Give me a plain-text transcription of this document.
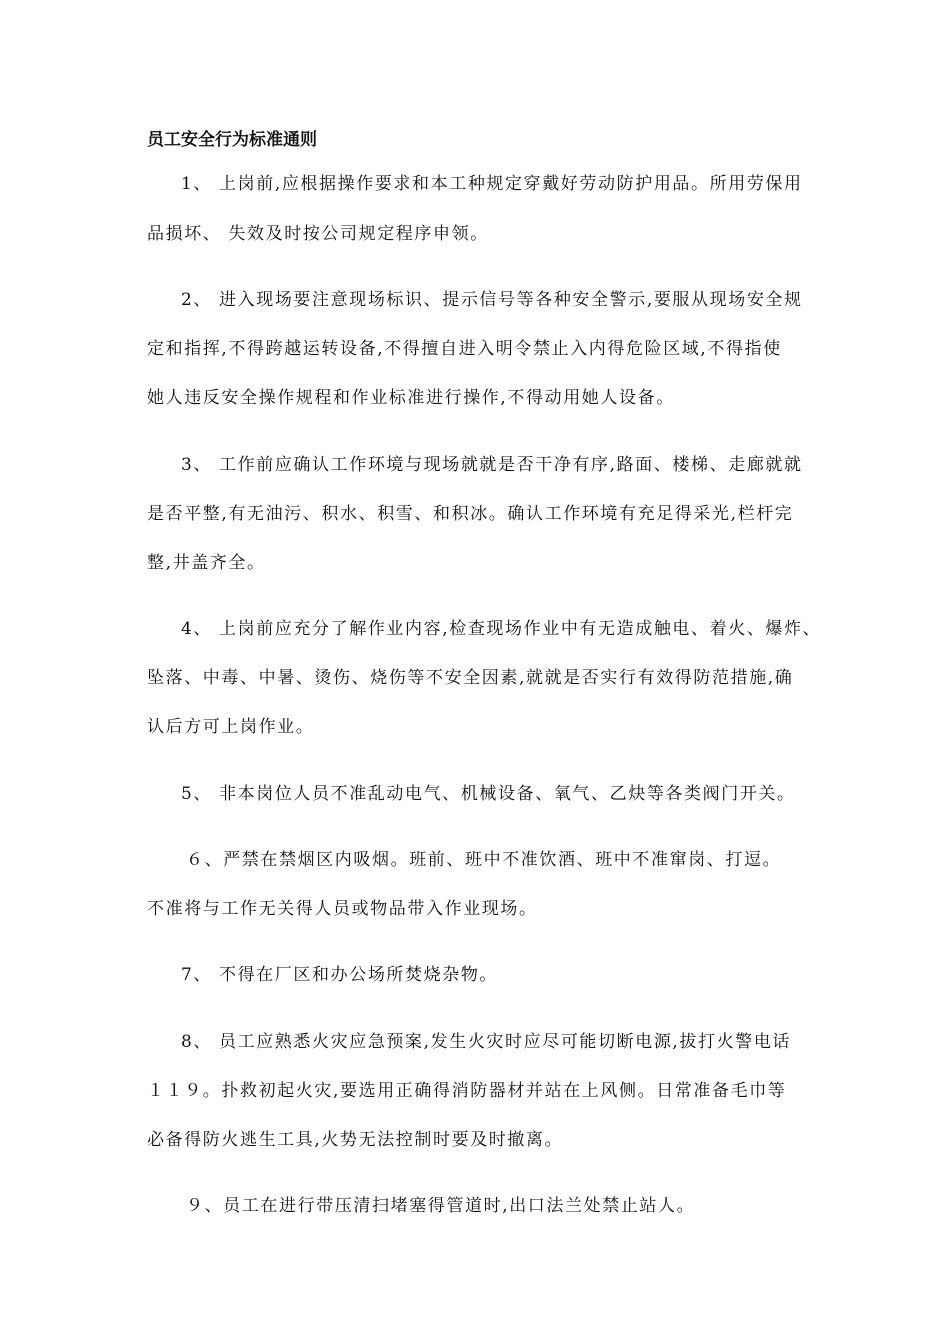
员工安全行为标准通则

1、 上岗前,应根据操作要求和本工种规定穿戴好劳动防护用品。所用劳保用

品损坏、 失效及时按公司规定程序申领。

2、 进入现场要注意现场标识、提示信号等各种安全警示,要服从现场安全规

定和指挥,不得跨越运转设备,不得擅自进入明令禁止入内得危险区域,不得指使

她人违反安全操作规程和作业标准进行操作,不得动用她人设备。

3、 工作前应确认工作环境与现场就就是否干净有序,路面、楼梯、走廊就就

是否平整,有无油污、积水、积雪、和积冰。确认工作环境有充足得采光,栏杆完

整,井盖齐全。

4、 上岗前应充分了解作业内容,检查现场作业中有无造成触电、着火、爆炸、

坠落、中毒、中暑、烫伤、烧伤等不安全因素,就就是否实行有效得防范措施,确

认后方可上岗作业。

5、 非本岗位人员不准乱动电气、机械设备、氧气、乙炔等各类阀门开关。

６、严禁在禁烟区内吸烟。班前、班中不准饮酒、班中不准窜岗、打逗。

不准将与工作无关得人员或物品带入作业现场。

7、 不得在厂区和办公场所焚烧杂物。

8、 员工应熟悉火灾应急预案,发生火灾时应尽可能切断电源,拔打火警电话

１１９。扑救初起火灾,要选用正确得消防器材并站在上风侧。日常准备毛巾等

必备得防火逃生工具,火势无法控制时要及时撤离。

９、员工在进行带压清扫堵塞得管道时,出口法兰处禁止站人。
